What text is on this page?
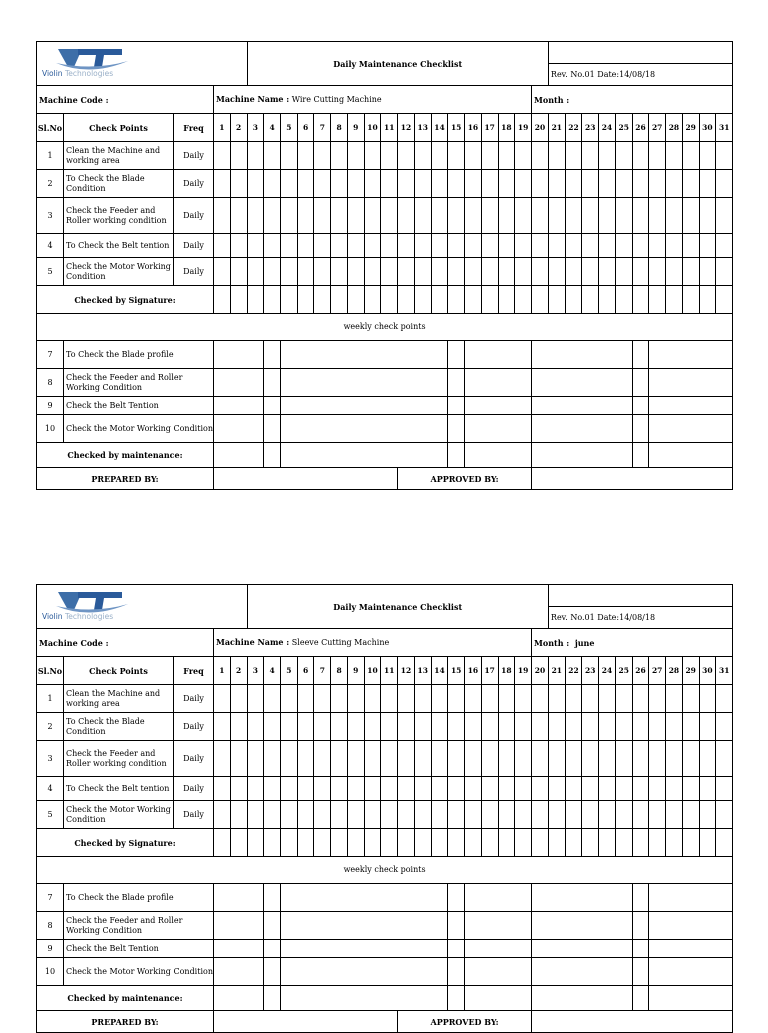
Violin Technologies					Daily Maintenance Checklist																												
																							Rev. No.01 Date:14/08/18										
Machine Code :			Machine Name : Wire Cutting Machine																			Month :											
Sl.No	Check Points	Freq	1	2	3	4	5	6	7	8	9	10	11	12	13	14	15	16	17	18	19	20	21	22	23	24	25	26	27	28	29	30	31
1	Clean the Machine and working area	Daily																															
2	To Check the Blade Condition	Daily																															
3	Check the Feeder and Roller working condition	Daily																															
4	To Check the Belt tention	Daily																															
5	Check the Motor Working Condition	Daily																															
Checked by Signature:																																	
weekly check points																																	
7	To Check the Blade profile																																
8	Check the Feeder and Roller Working Condition																																
9	Check the Belt Tention																																
10	Check the Motor Working Condition																																
Checked by maintenance:																																	
PREPARED BY:														APPROVED BY:																			
Violin Technologies					Daily Maintenance Checklist																												
																							Rev. No.01 Date:14/08/18										
Machine Code :			Machine Name : Sleeve Cutting Machine																			Month :  june											
Sl.No	Check Points	Freq	1	2	3	4	5	6	7	8	9	10	11	12	13	14	15	16	17	18	19	20	21	22	23	24	25	26	27	28	29	30	31
1	Clean the Machine and working area	Daily																															
2	To Check the Blade Condition	Daily																															
3	Check the Feeder and Roller working condition	Daily																															
4	To Check the Belt tention	Daily																															
5	Check the Motor Working Condition	Daily																															
Checked by Signature:																																	
weekly check points																																	
7	To Check the Blade profile																																
8	Check the Feeder and Roller Working Condition																																
9	Check the Belt Tention																																
10	Check the Motor Working Condition																																
Checked by maintenance:																																	
PREPARED BY:														APPROVED BY:																			
